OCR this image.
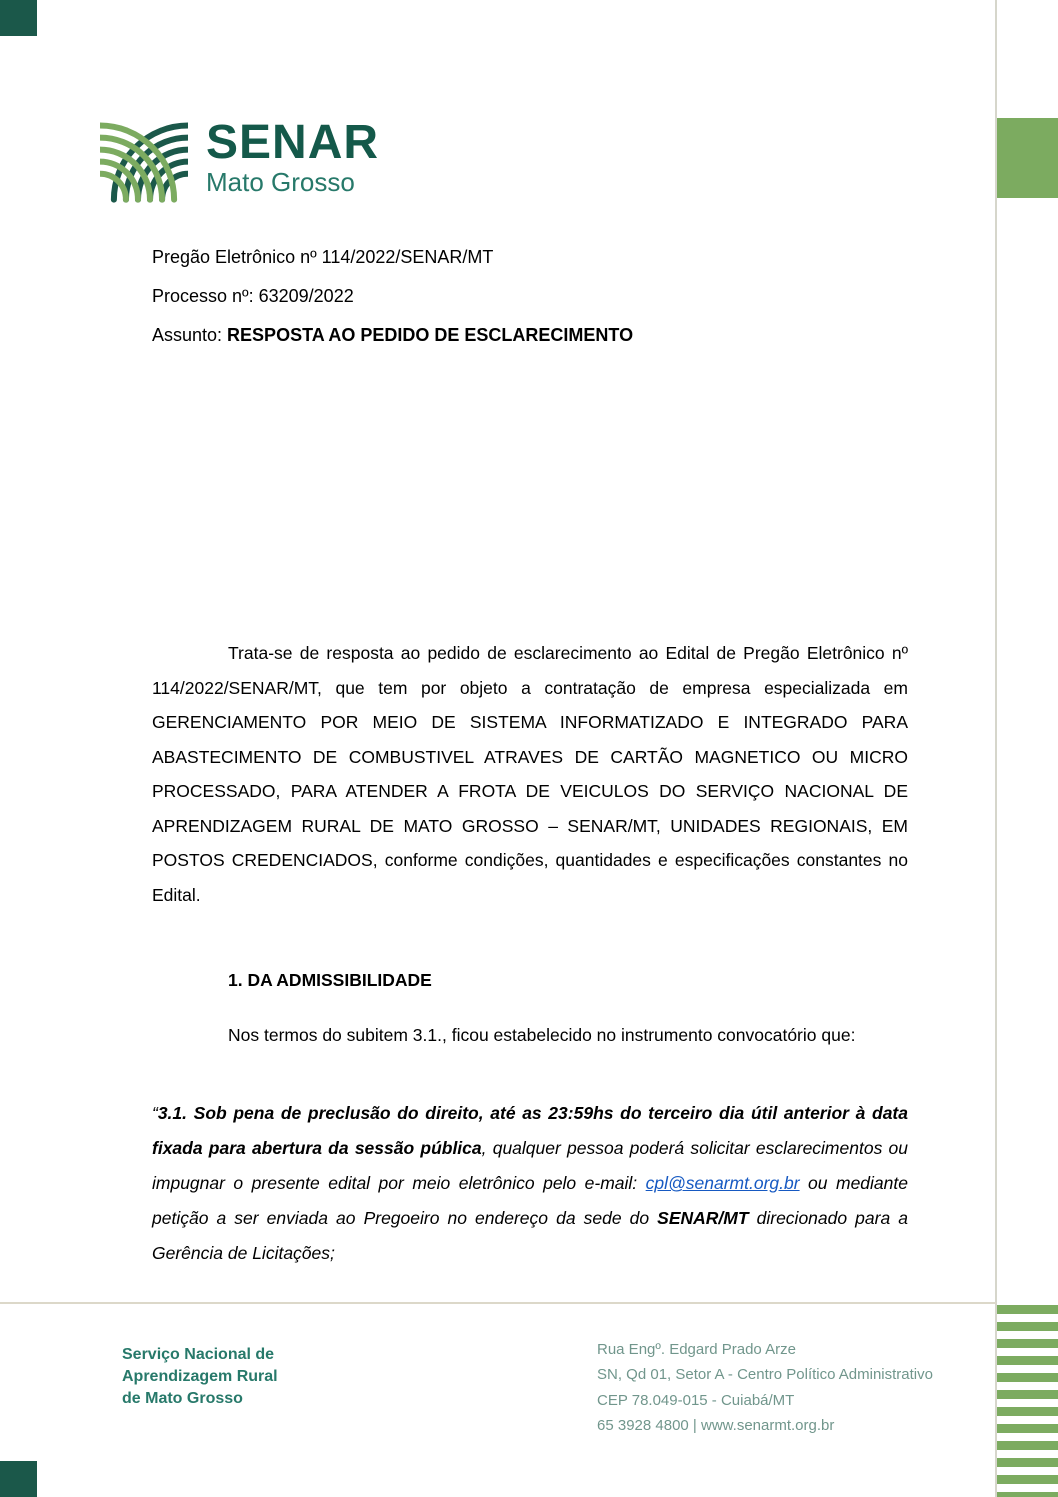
SENAR
Mato Grosso
Pregão Eletrônico nº 114/2022/SENAR/MT
Processo nº: 63209/2022
Assunto: RESPOSTA AO PEDIDO DE ESCLARECIMENTO
Trata-se de resposta ao pedido de esclarecimento ao Edital de Pregão Eletrônico nº 114/2022/SENAR/MT, que tem por objeto a contratação de empresa especializada em GERENCIAMENTO POR MEIO DE SISTEMA INFORMATIZADO E INTEGRADO PARA ABASTECIMENTO DE COMBUSTIVEL ATRAVES DE CARTÃO MAGNETICO OU MICRO PROCESSADO, PARA ATENDER A FROTA DE VEICULOS DO SERVIÇO NACIONAL DE APRENDIZAGEM RURAL DE MATO GROSSO – SENAR/MT, UNIDADES REGIONAIS, EM POSTOS CREDENCIADOS, conforme condições, quantidades e especificações constantes no Edital.
1. DA ADMISSIBILIDADE
Nos termos do subitem 3.1., ficou estabelecido no instrumento convocatório que:
“3.1. Sob pena de preclusão do direito, até as 23:59hs do terceiro dia útil anterior à data fixada para abertura da sessão pública, qualquer pessoa poderá solicitar esclarecimentos ou impugnar o presente edital por meio eletrônico pelo e-mail: cpl@senarmt.org.br ou mediante petição a ser enviada ao Pregoeiro no endereço da sede do SENAR/MT direcionado para a Gerência de Licitações;
Serviço Nacional de
Aprendizagem Rural
de Mato Grosso
Rua Engº. Edgard Prado Arze
SN, Qd 01, Setor A - Centro Político Administrativo
CEP 78.049-015 - Cuiabá/MT
65 3928 4800 | www.senarmt.org.br
